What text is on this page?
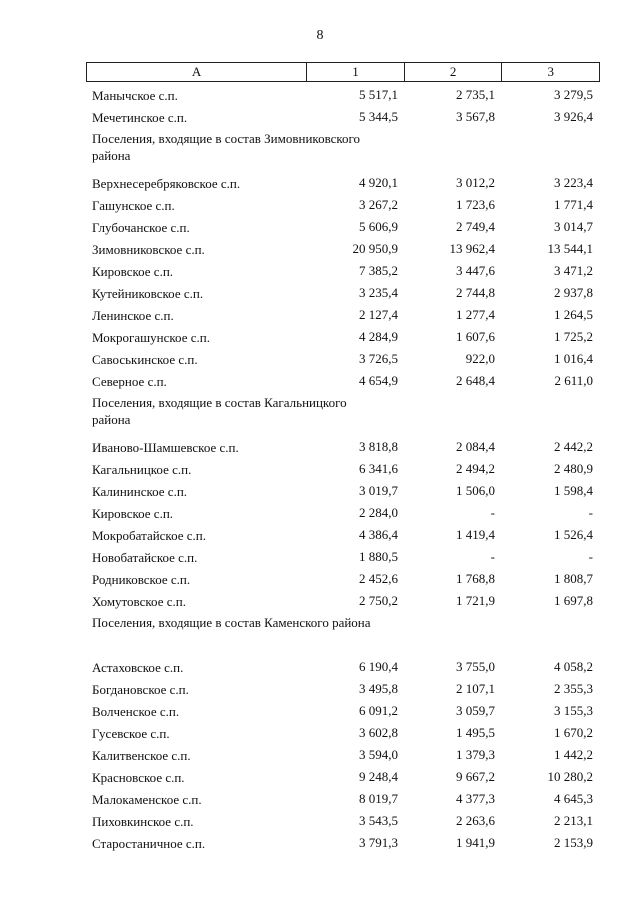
8
А	1	2	3
Манычское с.п.	5 517,1	2 735,1	3 279,5
Мечетинское с.п.	5 344,5	3 567,8	3 926,4
Поселения, входящие в состав Зимовниковского района
Верхнесеребряковское с.п.	4 920,1	3 012,2	3 223,4
Гашунское с.п.	3 267,2	1 723,6	1 771,4
Глубочанское с.п.	5 606,9	2 749,4	3 014,7
Зимовниковское с.п.	20 950,9	13 962,4	13 544,1
Кировское с.п.	7 385,2	3 447,6	3 471,2
Кутейниковское с.п.	3 235,4	2 744,8	2 937,8
Ленинское с.п.	2 127,4	1 277,4	1 264,5
Мокрогашунское с.п.	4 284,9	1 607,6	1 725,2
Савоськинское с.п.	3 726,5	922,0	1 016,4
Северное с.п.	4 654,9	2 648,4	2 611,0
Поселения, входящие в состав Кагальницкого района
Иваново-Шамшевское с.п.	3 818,8	2 084,4	2 442,2
Кагальницкое с.п.	6 341,6	2 494,2	2 480,9
Калининское с.п.	3 019,7	1 506,0	1 598,4
Кировское с.п.	2 284,0	-	-
Мокробатайское с.п.	4 386,4	1 419,4	1 526,4
Новобатайское с.п.	1 880,5	-	-
Родниковское с.п.	2 452,6	1 768,8	1 808,7
Хомутовское с.п.	2 750,2	1 721,9	1 697,8
Поселения, входящие в состав Каменского района
Астаховское с.п.	6 190,4	3 755,0	4 058,2
Богдановское с.п.	3 495,8	2 107,1	2 355,3
Волченское с.п.	6 091,2	3 059,7	3 155,3
Гусевское с.п.	3 602,8	1 495,5	1 670,2
Калитвенское с.п.	3 594,0	1 379,3	1 442,2
Красновское с.п.	9 248,4	9 667,2	10 280,2
Малокаменское с.п.	8 019,7	4 377,3	4 645,3
Пиховкинское с.п.	3 543,5	2 263,6	2 213,1
Старостаничное с.п.	3 791,3	1 941,9	2 153,9
